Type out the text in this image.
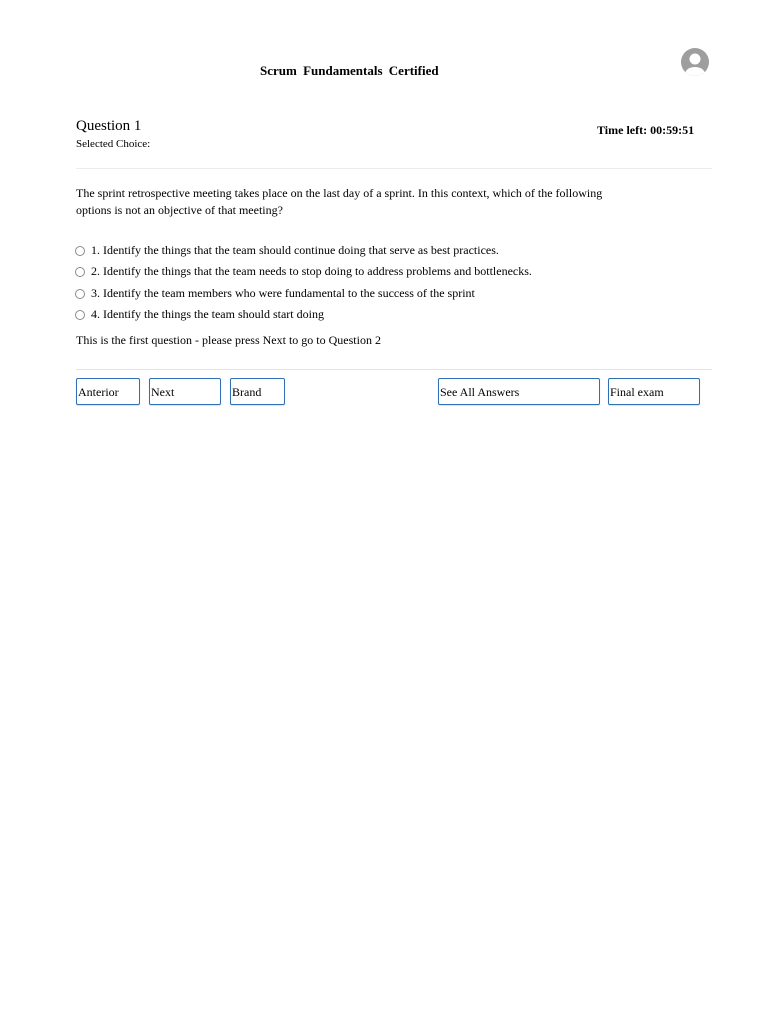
Scrum Fundamentals Certified
Question 1
Selected Choice:
Time left: 00:59:51
The sprint retrospective meeting takes place on the last day of a sprint. In this context, which of the following options is not an objective of that meeting?
1. Identify the things that the team should continue doing that serve as best practices.
2. Identify the things that the team needs to stop doing to address problems and bottlenecks.
3. Identify the team members who were fundamental to the success of the sprint
4. Identify the things the team should start doing
This is the first question - please press Next to go to Question 2
Anterior	Next	Brand	See All Answers	Final exam
